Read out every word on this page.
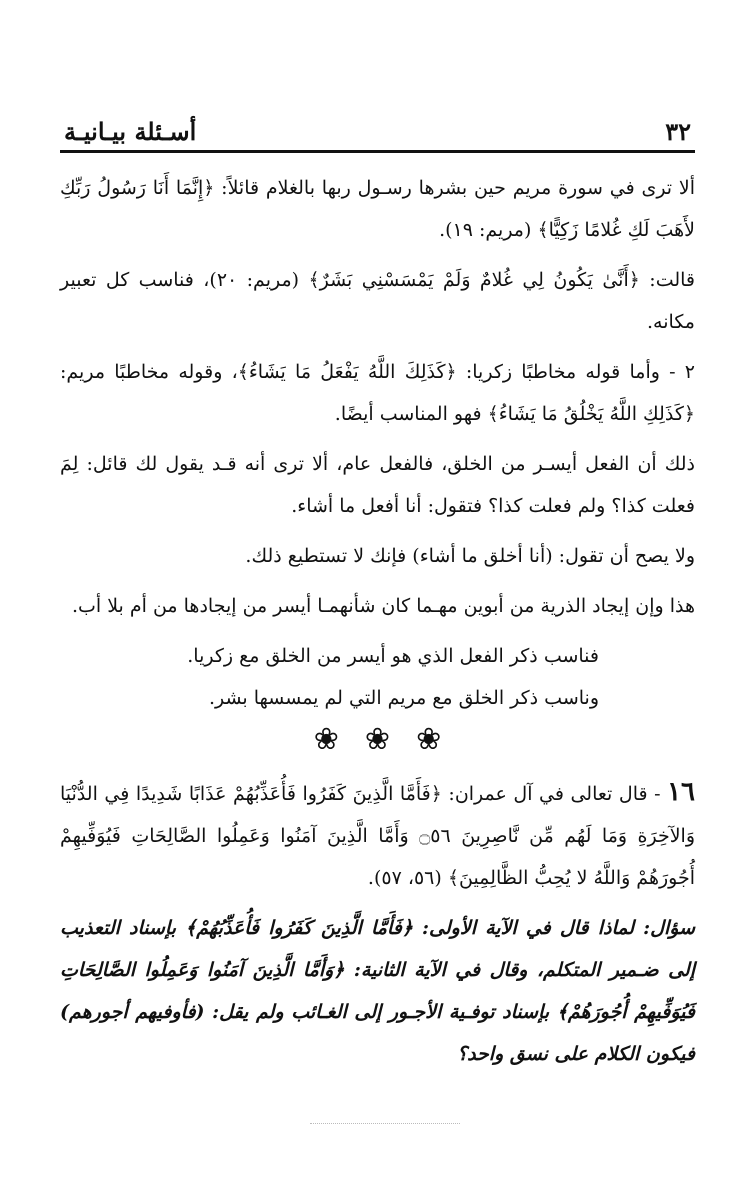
٣٢
أسـئلة بيـانيـة

ألا ترى في سورة مريم حين بشرها رسـول ربها بالغلام قائلاً: ﴿إِنَّمَا أَنَا رَسُولُ رَبِّكِ لأَهَبَ لَكِ غُلامًا زَكِيًّا﴾ (مريم: ١٩).

قالت: ﴿أَنَّىٰ يَكُونُ لِي غُلامٌ وَلَمْ يَمْسَسْنِي بَشَرٌ﴾ (مريم: ٢٠)، فناسب كل تعبير مكانه.

٢ - وأما قوله مخاطبًا زكريا: ﴿كَذَلِكَ اللَّهُ يَفْعَلُ مَا يَشَاءُ﴾، وقوله مخاطبًا مريم: ﴿كَذَلِكِ اللَّهُ يَخْلُقُ مَا يَشَاءُ﴾ فهو المناسب أيضًا.

ذلك أن الفعل أيسـر من الخلق، فالفعل عام، ألا ترى أنه قـد يقول لك قائل: لِمَ فعلت كذا؟ ولم فعلت كذا؟ فتقول: أنا أفعل ما أشاء.

ولا يصح أن تقول: (أنا أخلق ما أشاء) فإنك لا تستطيع ذلك.

هذا وإن إيجاد الذرية من أبوين مهـما كان شأنهمـا أيسر من إيجادها من أم بلا أب.

فناسب ذكر الفعل الذي هو أيسر من الخلق مع زكريا.

وناسب ذكر الخلق مع مريم التي لم يمسسها بشر.

❀ ❀ ❀

١٦ - قال تعالى في آل عمران: ﴿فَأَمَّا الَّذِينَ كَفَرُوا فَأُعَذِّبُهُمْ عَذَابًا شَدِيدًا فِي الدُّنْيَا وَالآخِرَةِ وَمَا لَهُم مِّن نَّاصِرِينَ ۝٥٦ وَأَمَّا الَّذِينَ آمَنُوا وَعَمِلُوا الصَّالِحَاتِ فَيُوَفِّيهِمْ أُجُورَهُمْ وَاللَّهُ لا يُحِبُّ الظَّالِمِينَ﴾ (٥٦، ٥٧).

سؤال: لماذا قال في الآية الأولى: ﴿فَأَمَّا الَّذِينَ كَفَرُوا فَأُعَذِّبُهُمْ﴾ بإسناد التعذيب إلى ضـمير المتكلم، وقال في الآية الثانية: ﴿وَأَمَّا الَّذِينَ آمَنُوا وَعَمِلُوا الصَّالِحَاتِ فَيُوَفِّيهِمْ أُجُورَهُمْ﴾ بإسناد توفـية الأجـور إلى الغـائب ولم يقل: (فأوفيهم أجورهم) فيكون الكلام على نسق واحد؟
